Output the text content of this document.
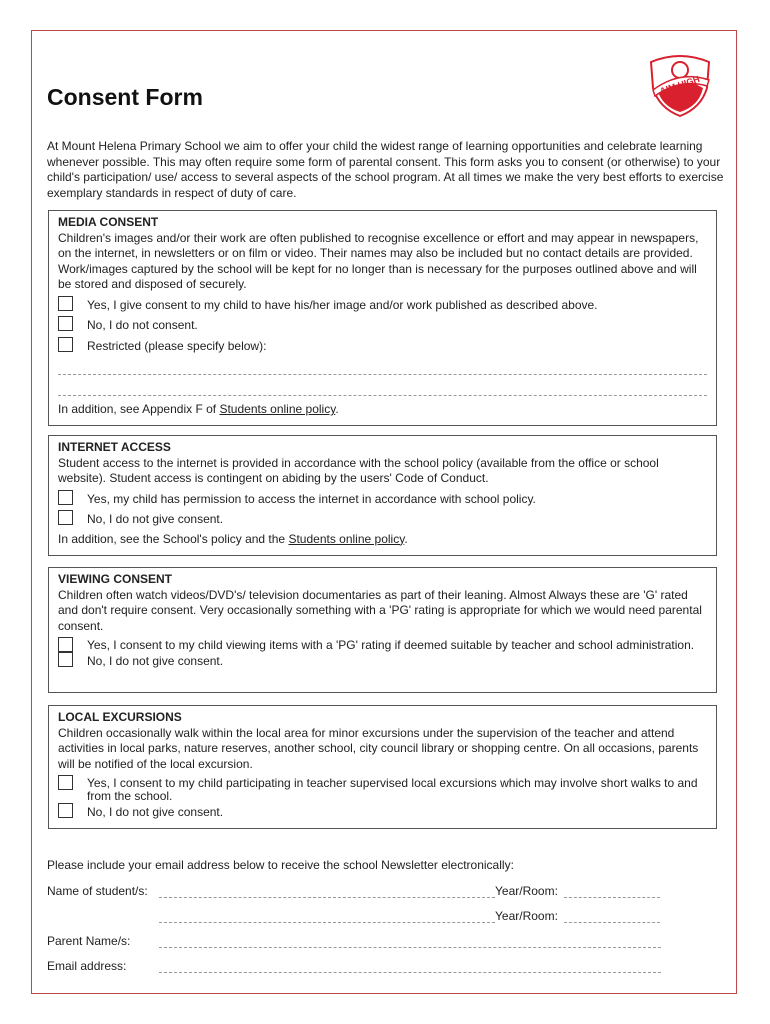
AIM HIGH
Consent Form

At Mount Helena Primary School we aim to offer your child the widest range of learning opportunities and celebrate learning whenever possible. This may often require some form of parental consent. This form asks you to consent (or otherwise) to your child's participation/ use/ access to several aspects of the school program. At all times we make the very best efforts to exercise exemplary standards in respect of duty of care.

MEDIA CONSENT

Children's images and/or their work are often published to recognise excellence or effort and may appear in newspapers, on the internet, in newsletters or on film or video. Their names may also be included but no contact details are provided. Work/images captured by the school will be kept for no longer than is necessary for the purposes outlined above and will be stored and disposed of securely.

Yes, I give consent to my child to have his/her image and/or work published as described above.
No, I do not consent.
Restricted (please specify below):

In addition, see Appendix F of Students online policy.

INTERNET ACCESS

Student access to the internet is provided in accordance with the school policy (available from the office or school website). Student access is contingent on abiding by the users' Code of Conduct.

Yes, my child has permission to access the internet in accordance with school policy.
No, I do not give consent.

In addition, see the School's policy and the Students online policy.

VIEWING CONSENT

Children often watch videos/DVD's/ television documentaries as part of their leaning. Almost Always these are 'G' rated and don't require consent. Very occasionally something with a 'PG' rating is appropriate for which we would need parental consent.

Yes, I consent to my child viewing items with a 'PG' rating if deemed suitable by teacher and school administration.
No, I do not give consent.
LOCAL EXCURSIONS

Children occasionally walk within the local area for minor excursions under the supervision of the teacher and attend activities in local parks, nature reserves, another school, city council library or shopping centre. On all occasions, parents will be notified of the local excursion.

Yes, I consent to my child participating in teacher supervised local excursions which may involve short walks to and from the school.
No, I do not give consent.
Please include your email address below to receive the school Newsletter electronically:
Name of student/s:	Year/Room:
Year/Room:
Parent Name/s:
Email address:
